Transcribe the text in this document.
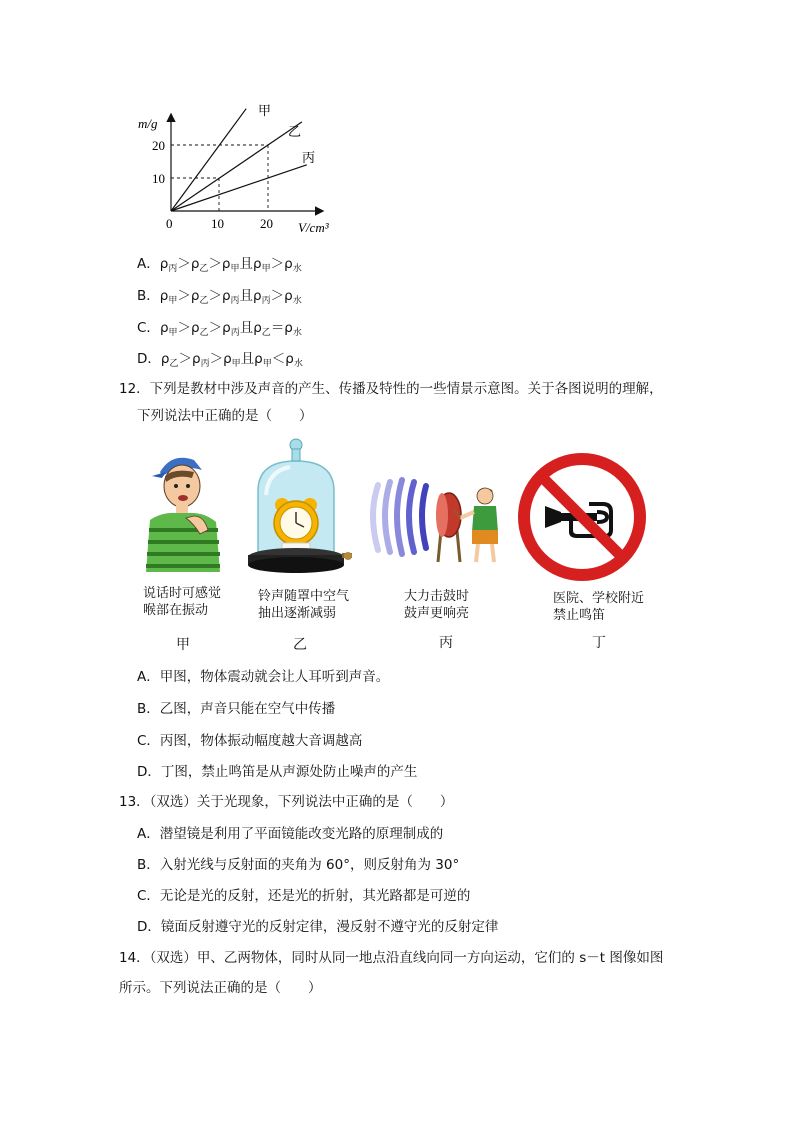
m/g
V/cm³
0
10
20
10	20
甲
乙
丙
A．$\rho_丙>\rho_乙>\rho_甲$且$\rho_甲>\rho_水$
B．$\rho_甲>\rho_乙>\rho_丙$且$\rho_丙>\rho_水$
C．$\rho_甲>\rho_乙>\rho_丙$且$\rho_乙=\rho_水$
D．$\rho_乙>\rho_丙>\rho_甲$且$\rho_甲<\rho_水$
12．下列是教材中涉及声音的产生、传播及特性的一些情景示意图。关于各图说明的理解，
下列说法中正确的是（　　）
说话时可感觉
喉部在振动
铃声随罩中空气
抽出逐渐减弱
大力击鼓时
鼓声更响亮
医院、学校附近
禁止鸣笛
甲	乙	丙	丁
A．甲图，物体震动就会让人耳听到声音。
B．乙图，声音只能在空气中传播
C．丙图，物体振动幅度越大音调越高
D．丁图，禁止鸣笛是从声源处防止噪声的产生
13．（双选）关于光现象，下列说法中正确的是（　　）
A．潜望镜是利用了平面镜能改变光路的原理制成的
B．入射光线与反射面的夹角为 60°，则反射角为 30°
C．无论是光的反射，还是光的折射，其光路都是可逆的
D．镜面反射遵守光的反射定律，漫反射不遵守光的反射定律
14．（双选）甲、乙两物体，同时从同一地点沿直线向同一方向运动，它们的 s－t 图像如图
所示。下列说法正确的是（　　）
